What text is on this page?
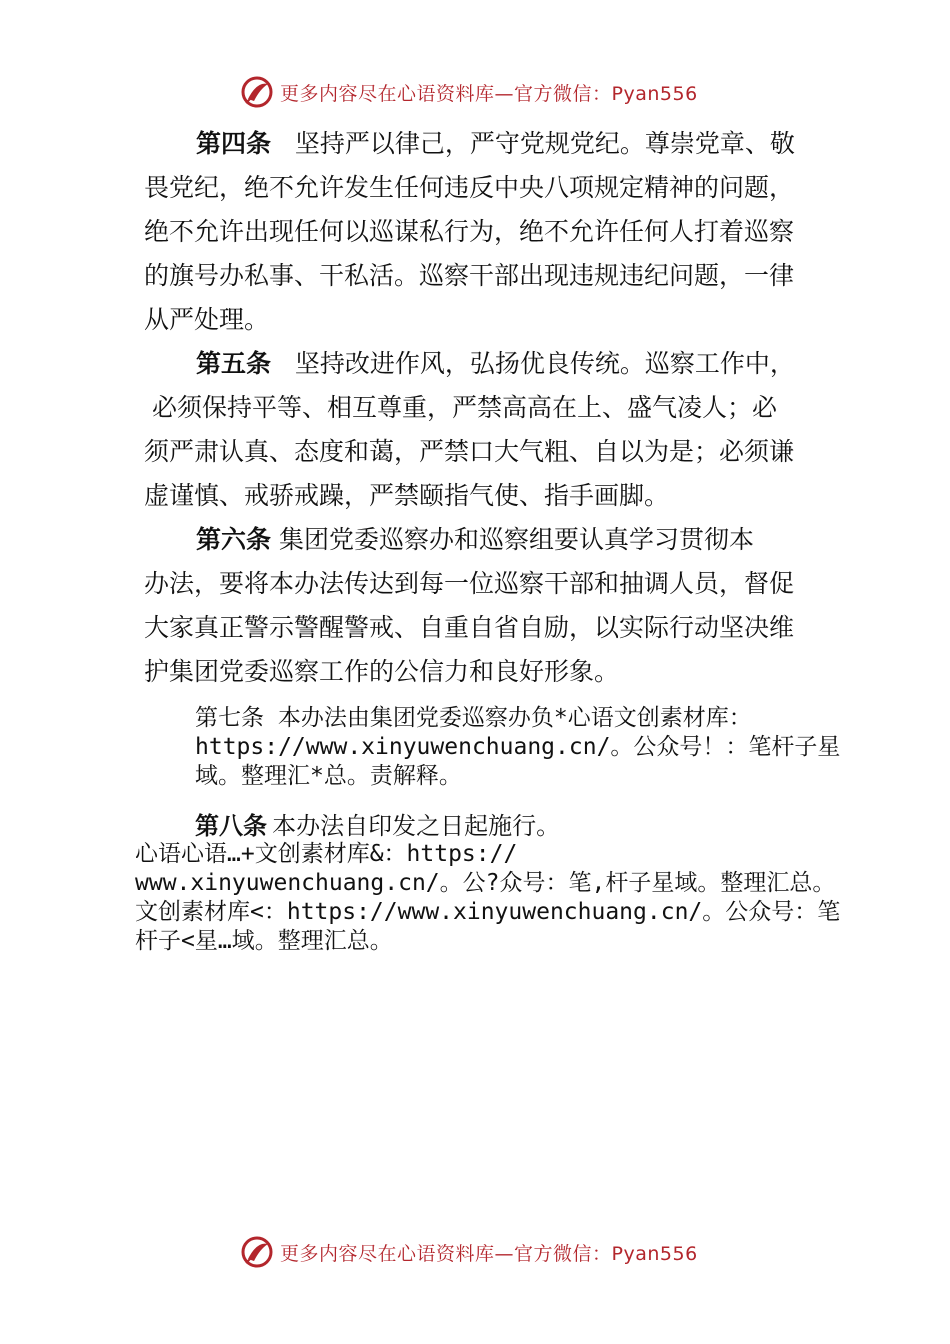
更多内容尽在心语资料库—官方微信：Pyan556

第四条 坚持严以律己，严守党规党纪。尊崇党章、敬
畏党纪，绝不允许发生任何违反中央八项规定精神的问题，
绝不允许出现任何以巡谋私行为，绝不允许任何人打着巡察
的旗号办私事、干私活。巡察干部出现违规违纪问题，一律
从严处理。

第五条 坚持改进作风，弘扬优良传统。巡察工作中，
必须保持平等、相互尊重，严禁高高在上、盛气凌人；必
须严肃认真、态度和蔼，严禁口大气粗、自以为是；必须谦
虚谨慎、戒骄戒躁，严禁颐指气使、指手画脚。

第六条 集团党委巡察办和巡察组要认真学习贯彻本
办法，要将本办法传达到每一位巡察干部和抽调人员，督促
大家真正警示警醒警戒、自重自省自励，以实际行动坚决维
护集团党委巡察工作的公信力和良好形象。

第七条 本办法由集团党委巡察办负*心语文创素材库：
https://www.xinyuwenchuang.cn/。公众号！：笔杆子星
域。整理汇*总。责解释。
第八条 本办法自印发之日起施行。
心语心语…+文创素材库&：https://
www.xinyuwenchuang.cn/。公?众号：笔,杆子星域。整理汇总。
文创素材库<：https://www.xinyuwenchuang.cn/。公众号：笔
杆子<星…域。整理汇总。
更多内容尽在心语资料库—官方微信：Pyan556
